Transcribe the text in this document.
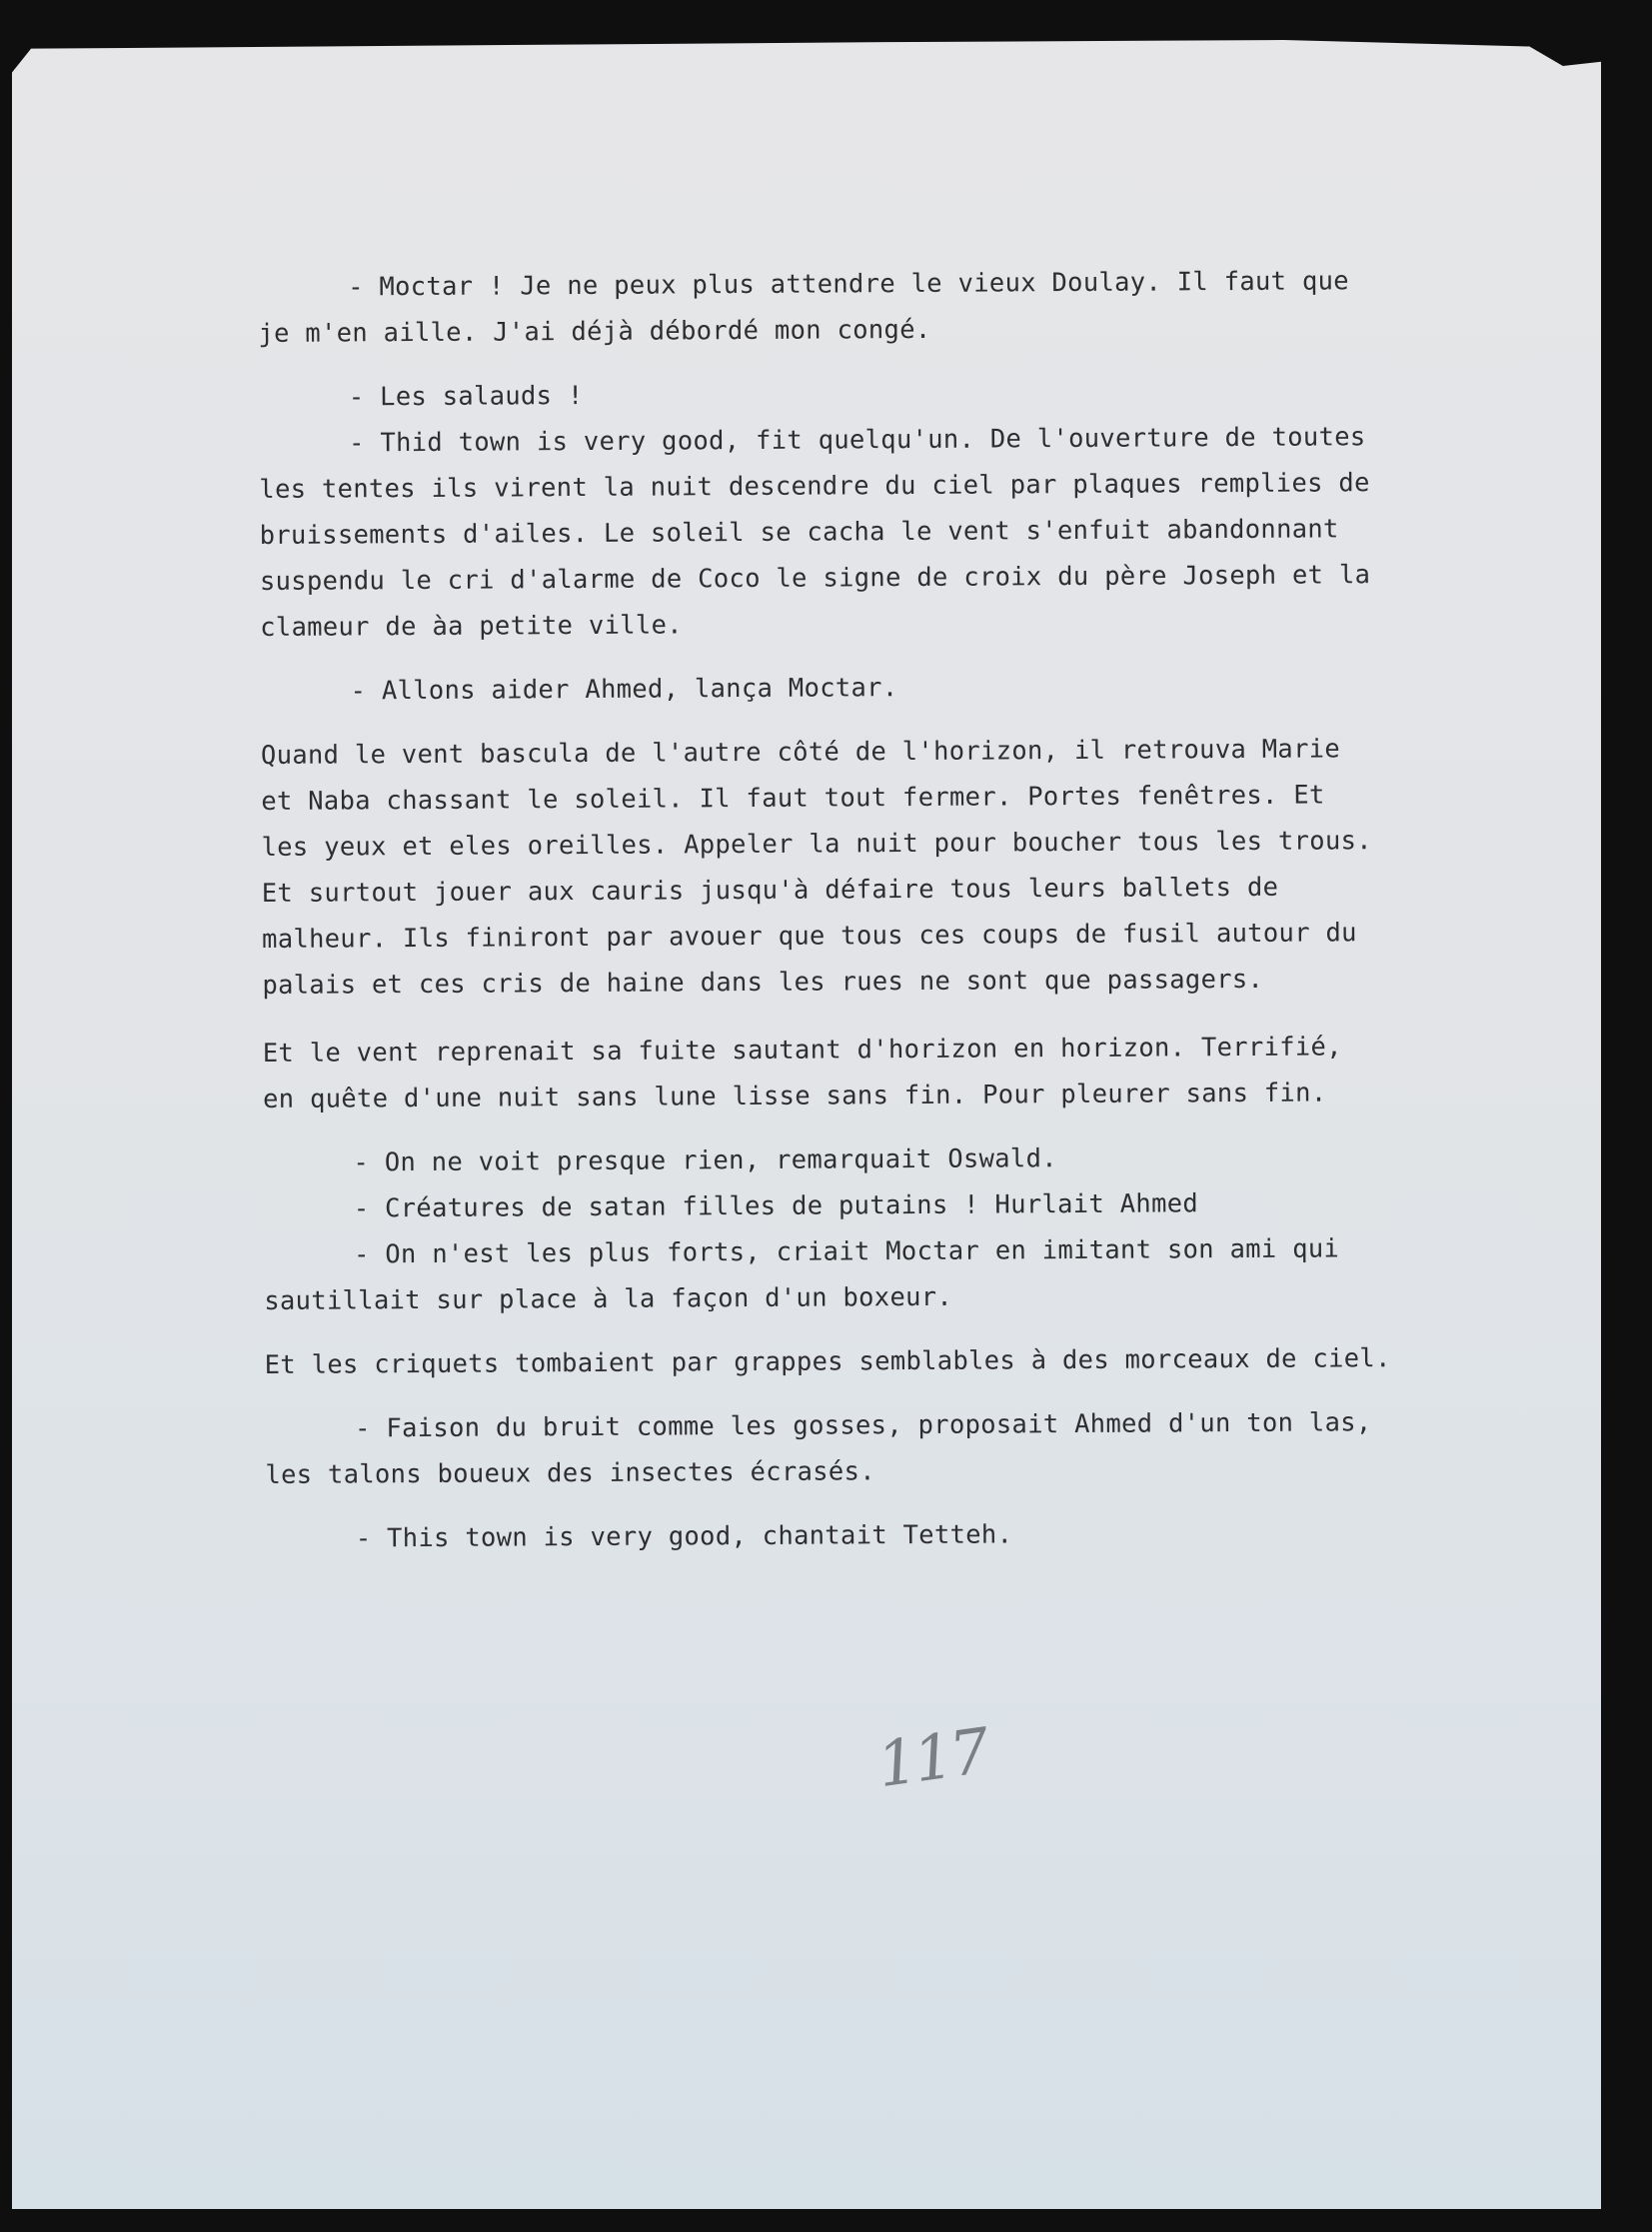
- Moctar ! Je ne peux plus attendre le vieux Doulay. Il faut que
je m'en aille. J'ai déjà débordé mon congé.
- Les salauds !
- Thid town is very good, fit quelqu'un. De l'ouverture de toutes
les tentes ils virent la nuit descendre du ciel par plaques remplies de
bruissements d'ailes. Le soleil se cacha le vent s'enfuit abandonnant
suspendu le cri d'alarme de Coco le signe de croix du père Joseph et la
clameur de àa petite ville.
- Allons aider Ahmed, lança Moctar.
Quand le vent bascula de l'autre côté de l'horizon, il retrouva Marie
et Naba chassant le soleil. Il faut tout fermer. Portes fenêtres. Et
les yeux et eles oreilles. Appeler la nuit pour boucher tous les trous.
Et surtout jouer aux cauris jusqu'à défaire tous leurs ballets de
malheur. Ils finiront par avouer que tous ces coups de fusil autour du
palais et ces cris de haine dans les rues ne sont que passagers.
Et le vent reprenait sa fuite sautant d'horizon en horizon. Terrifié,
en quête d'une nuit sans lune lisse sans fin. Pour pleurer sans fin.
- On ne voit presque rien, remarquait Oswald.
- Créatures de satan filles de putains ! Hurlait Ahmed
- On n'est les plus forts, criait Moctar en imitant son ami qui
sautillait sur place à la façon d'un boxeur.
Et les criquets tombaient par grappes semblables à des morceaux de ciel.
- Faison du bruit comme les gosses, proposait Ahmed d'un ton las,
les talons boueux des insectes écrasés.
- This town is very good, chantait Tetteh.
117
